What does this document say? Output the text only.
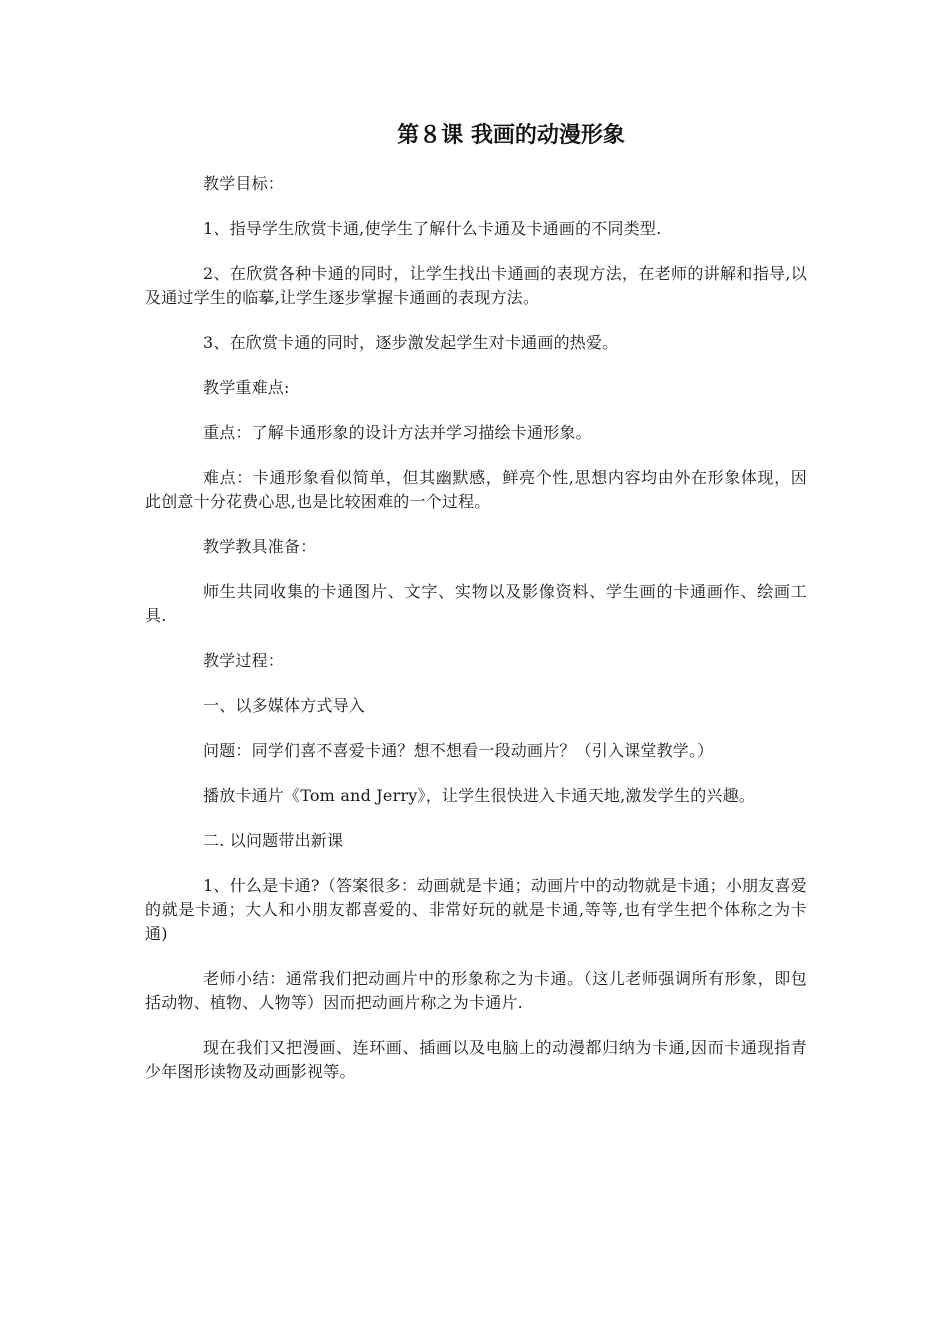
第８课 我画的动漫形象

教学目标：

1、指导学生欣赏卡通,使学生了解什么卡通及卡通画的不同类型.

2、在欣赏各种卡通的同时，让学生找出卡通画的表现方法，在老师的讲解和指导,以及通过学生的临摹,让学生逐步掌握卡通画的表现方法。

3、在欣赏卡通的同时，逐步激发起学生对卡通画的热爱。

教学重难点:

重点：了解卡通形象的设计方法并学习描绘卡通形象。

难点：卡通形象看似简单，但其幽默感，鲜亮个性,思想内容均由外在形象体现，因此创意十分花费心思,也是比较困难的一个过程。

教学教具准备：

师生共同收集的卡通图片、文字、实物以及影像资料、学生画的卡通画作、绘画工具.

教学过程：

一、以多媒体方式导入

问题：同学们喜不喜爱卡通？想不想看一段动画片？（引入课堂教学。）

播放卡通片《Tom and Jerry》，让学生很快进入卡通天地,激发学生的兴趣。

二. 以问题带出新课

1、什么是卡通?（答案很多：动画就是卡通；动画片中的动物就是卡通；小朋友喜爱的就是卡通；大人和小朋友都喜爱的、非常好玩的就是卡通,等等,也有学生把个体称之为卡通)

老师小结：通常我们把动画片中的形象称之为卡通。（这儿老师强调所有形象，即包括动物、植物、人物等）因而把动画片称之为卡通片.

现在我们又把漫画、连环画、插画以及电脑上的动漫都归纳为卡通,因而卡通现指青少年图形读物及动画影视等。
